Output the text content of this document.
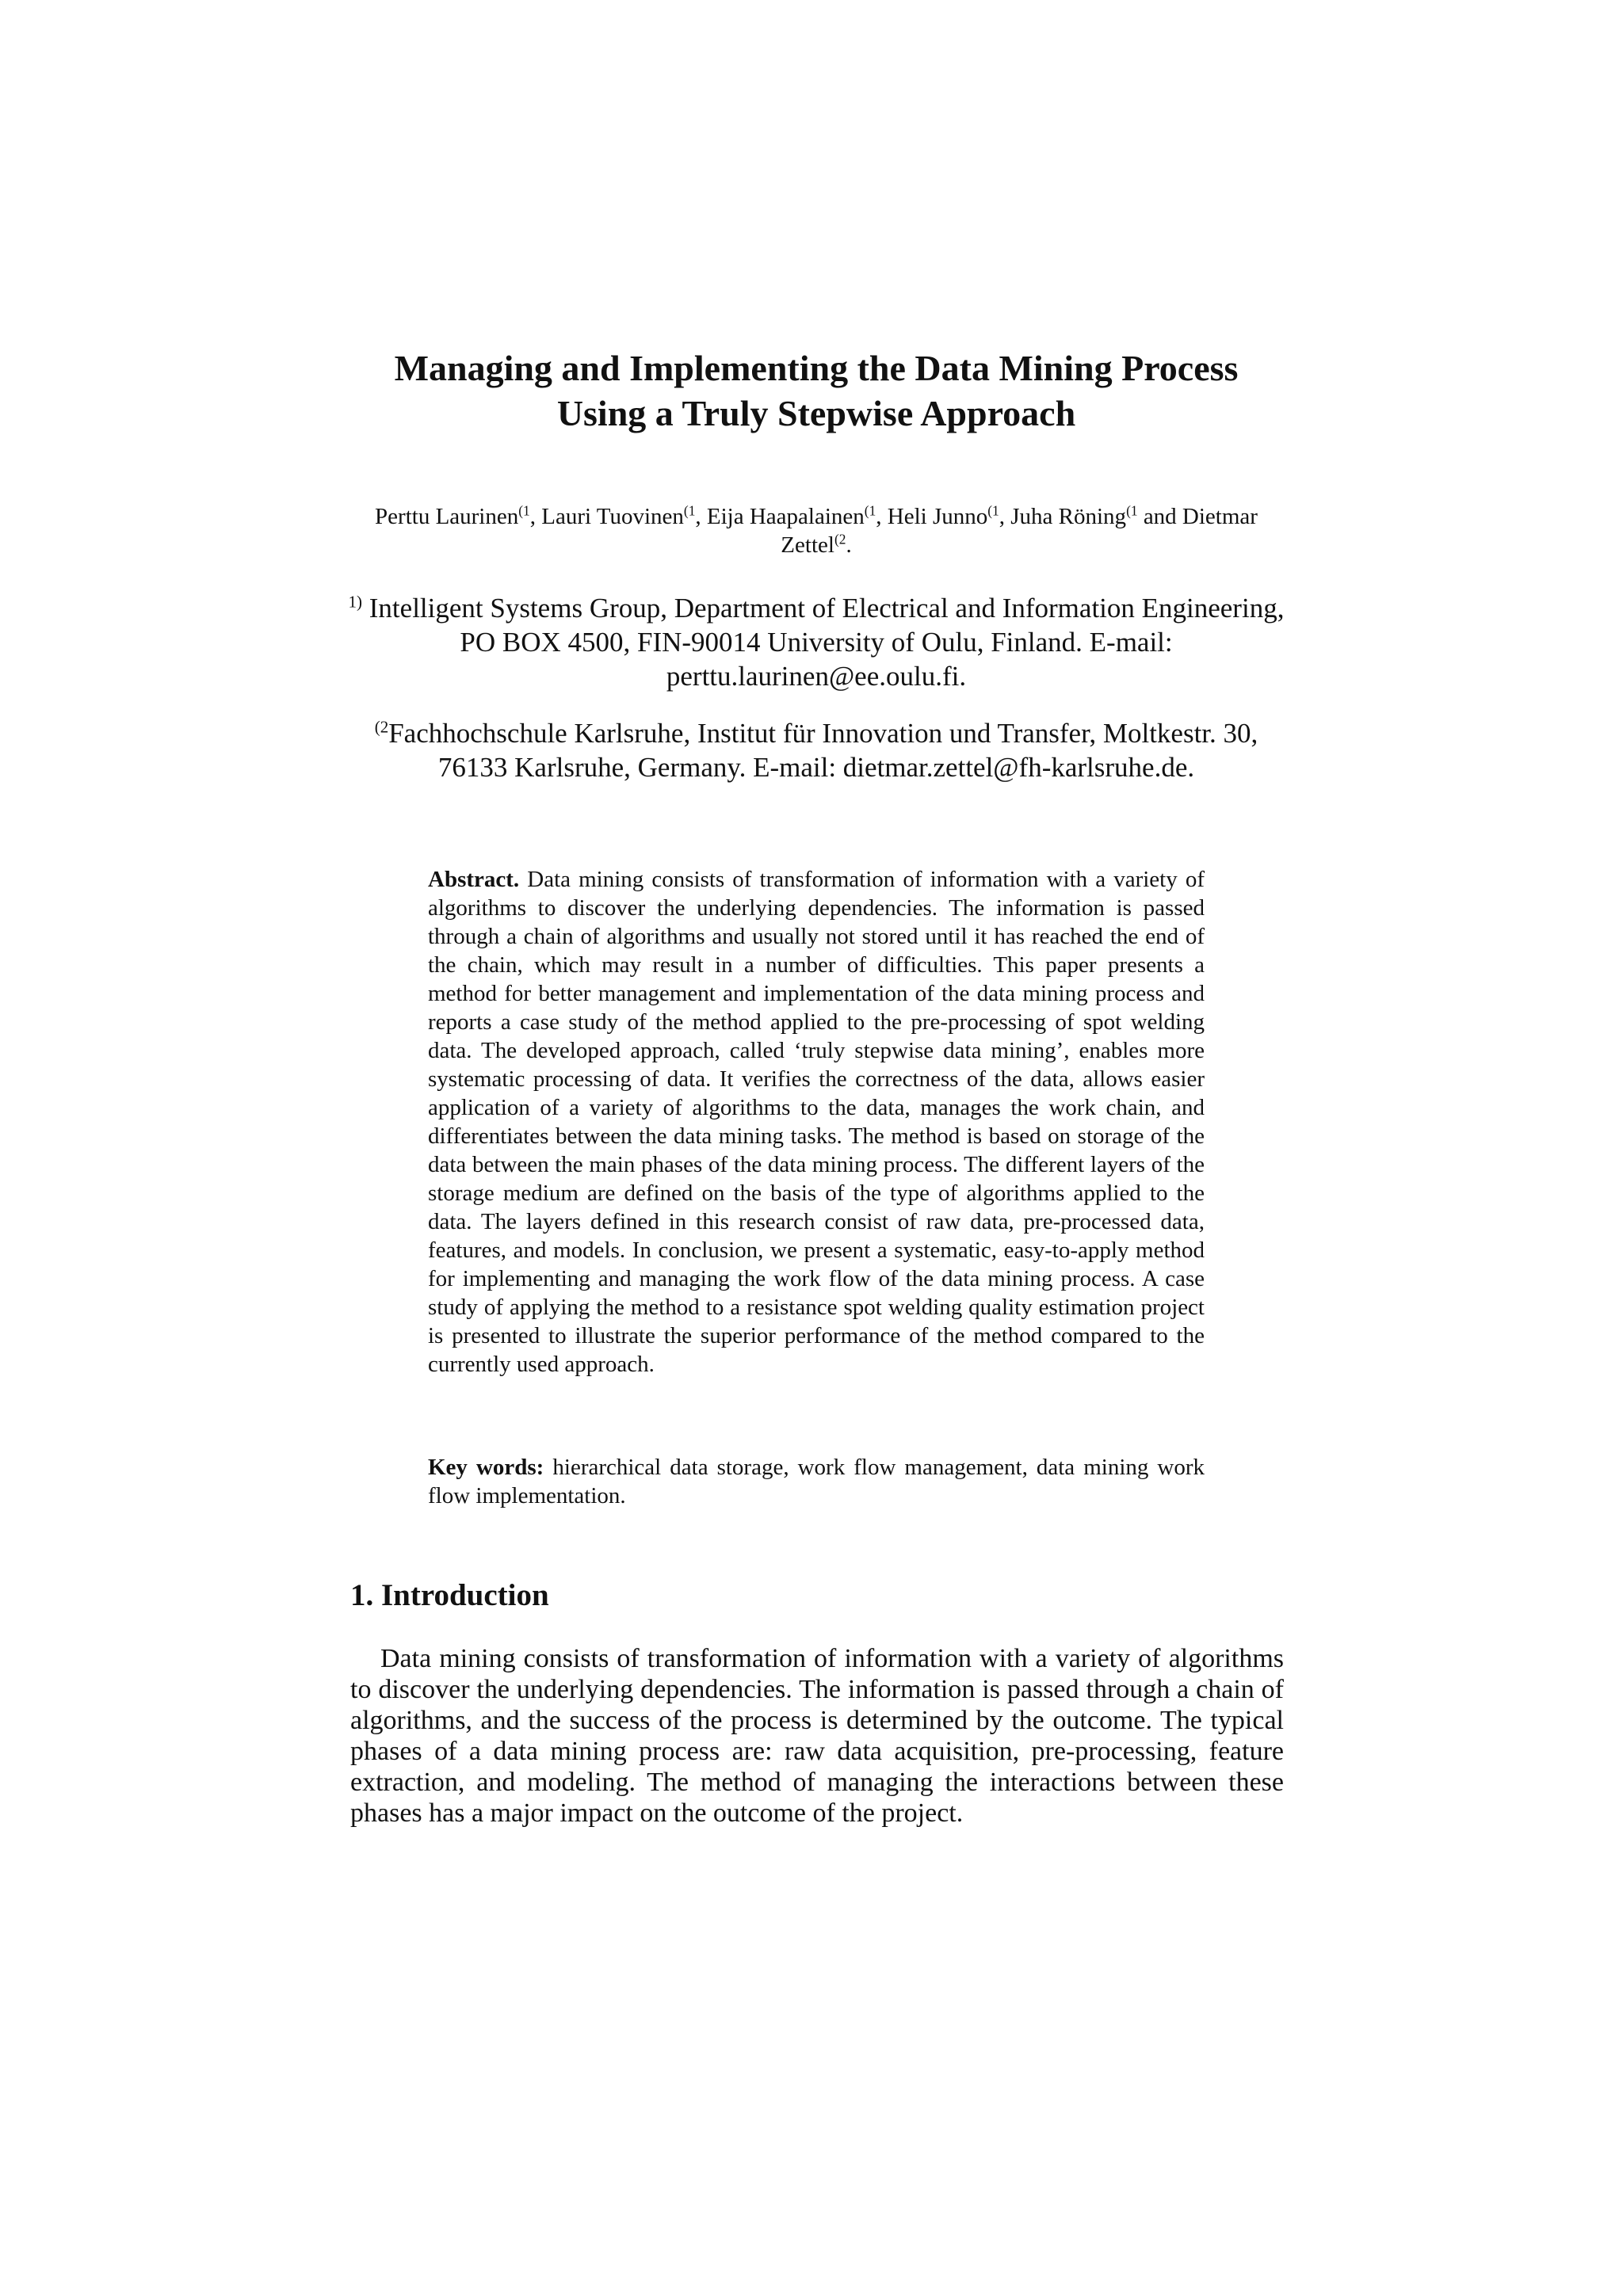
Managing and Implementing the Data Mining Process
Using a Truly Stepwise Approach

Perttu Laurinen$^{(1}$, Lauri Tuovinen$^{(1}$, Eija Haapalainen$^{(1}$, Heli Junno$^{(1}$, Juha Röning$^{(1}$ and Dietmar Zettel$^{(2}$.

$^{1)}$ Intelligent Systems Group, Department of Electrical and Information Engineering,
PO BOX 4500, FIN-90014 University of Oulu, Finland. E-mail:
perttu.laurinen@ee.oulu.fi.

$^{(2}$Fachhochschule Karlsruhe, Institut für Innovation und Transfer, Moltkestr. 30,
76133 Karlsruhe, Germany. E-mail: dietmar.zettel@fh-karlsruhe.de.

Abstract. Data mining consists of transformation of information with a variety of algorithms to discover the underlying dependencies. The information is passed through a chain of algorithms and usually not stored until it has reached the end of the chain, which may result in a number of difficulties. This paper presents a method for better management and implementation of the data mining process and reports a case study of the method applied to the pre-processing of spot welding data. The developed approach, called ‘truly stepwise data mining’, enables more systematic processing of data. It verifies the correctness of the data, allows easier application of a variety of algorithms to the data, manages the work chain, and differentiates between the data mining tasks. The method is based on storage of the data between the main phases of the data mining process. The different layers of the storage medium are defined on the basis of the type of algorithms applied to the data. The layers defined in this research consist of raw data, pre-processed data, features, and models. In conclusion, we present a systematic, easy-to-apply method for implementing and managing the work flow of the data mining process. A case study of applying the method to a resistance spot welding quality estimation project is presented to illustrate the superior performance of the method compared to the currently used approach.

Key words: hierarchical data storage, work flow management, data mining work flow implementation.

1. Introduction

Data mining consists of transformation of information with a variety of algorithms to discover the underlying dependencies. The information is passed through a chain of algorithms, and the success of the process is determined by the outcome. The typical phases of a data mining process are: raw data acquisition, pre-processing, feature extraction, and modeling. The method of managing the interactions between these phases has a major impact on the outcome of the project.
